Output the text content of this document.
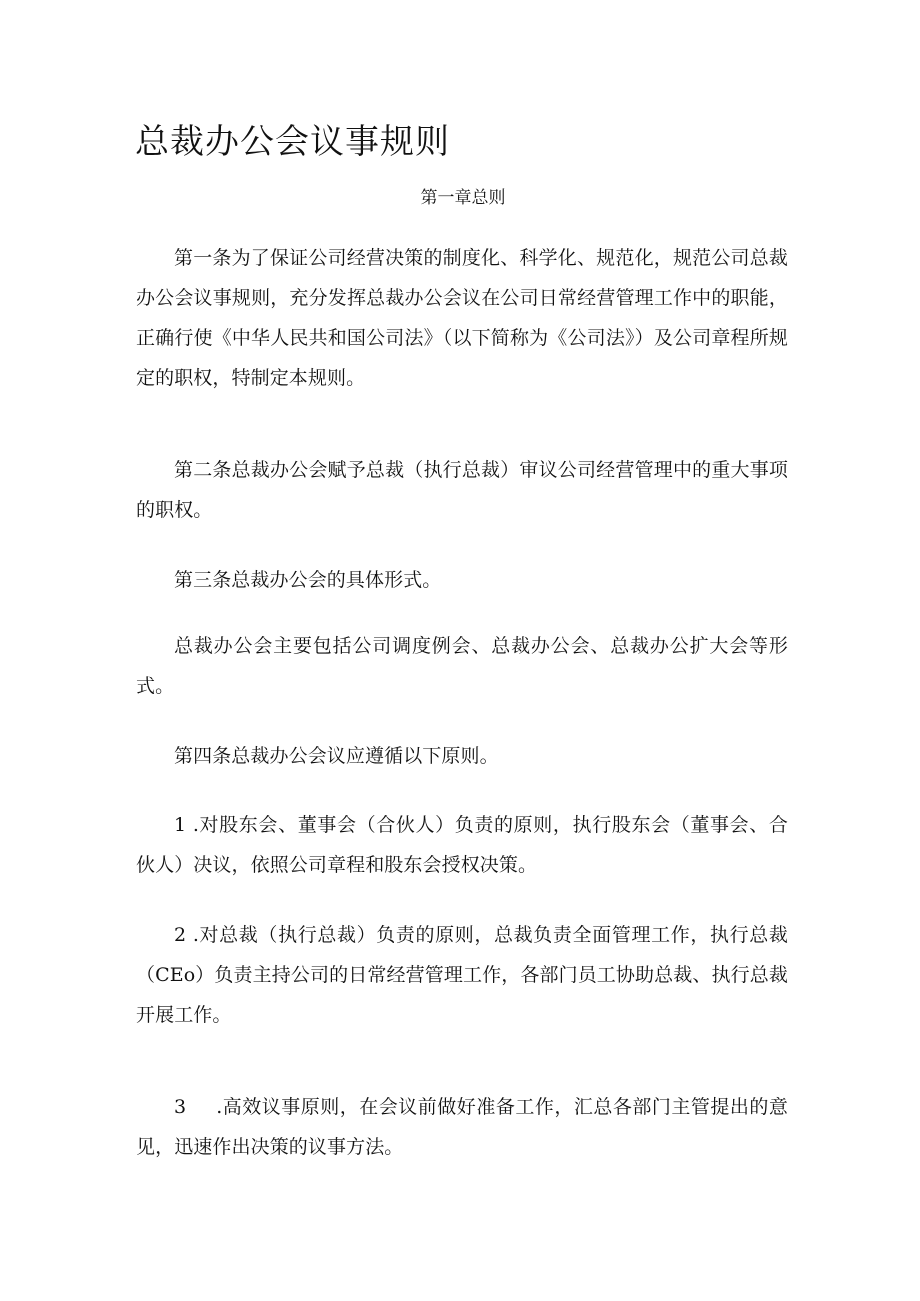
总裁办公会议事规则
第一章总则

第一条为了保证公司经营决策的制度化、科学化、规范化，规范公司总裁办公会议事规则，充分发挥总裁办公会议在公司日常经营管理工作中的职能，正确行使《中华人民共和国公司法》（以下简称为《公司法》）及公司章程所规定的职权，特制定本规则。

第二条总裁办公会赋予总裁（执行总裁）审议公司经营管理中的重大事项的职权。

第三条总裁办公会的具体形式。

总裁办公会主要包括公司调度例会、总裁办公会、总裁办公扩大会等形式。

第四条总裁办公会议应遵循以下原则。

1 .对股东会、董事会（合伙人）负责的原则，执行股东会（董事会、合伙人）决议，依照公司章程和股东会授权决策。

2 .对总裁（执行总裁）负责的原则，总裁负责全面管理工作，执行总裁（CEo）负责主持公司的日常经营管理工作，各部门员工协助总裁、执行总裁开展工作。

3 .高效议事原则，在会议前做好准备工作，汇总各部门主管提出的意见，迅速作出决策的议事方法。
